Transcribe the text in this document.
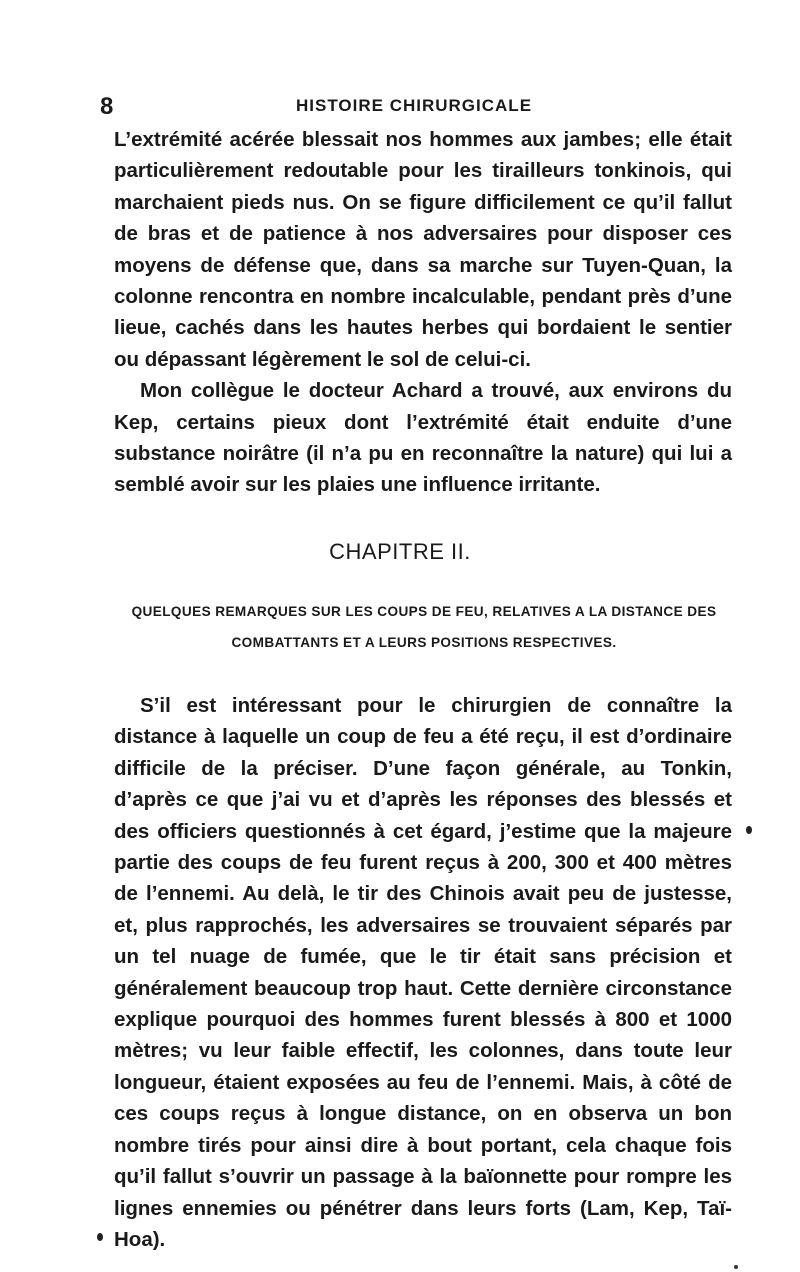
8	HISTOIRE CHIRURGICALE

L’extrémité acérée blessait nos hommes aux jambes; elle était particulièrement redoutable pour les tirailleurs tonkinois, qui marchaient pieds nus. On se figure difficilement ce qu’il fallut de bras et de patience à nos adversaires pour disposer ces moyens de défense que, dans sa marche sur Tuyen-Quan, la colonne rencontra en nombre incalculable, pendant près d’une lieue, cachés dans les hautes herbes qui bordaient le sentier ou dépassant légèrement le sol de celui-ci.

Mon collègue le docteur Achard a trouvé, aux environs du Kep, certains pieux dont l’extrémité était enduite d’une substance noirâtre (il n’a pu en reconnaître la nature) qui lui a semblé avoir sur les plaies une influence irritante.

CHAPITRE II.
QUELQUES REMARQUES SUR LES COUPS DE FEU, RELATIVES A LA DISTANCE DES COMBATTANTS ET A LEURS POSITIONS RESPECTIVES.

S’il est intéressant pour le chirurgien de connaître la distance à laquelle un coup de feu a été reçu, il est d’ordinaire difficile de la préciser. D’une façon générale, au Tonkin, d’après ce que j’ai vu et d’après les réponses des blessés et des officiers questionnés à cet égard, j’estime que la majeure partie des coups de feu furent reçus à 200, 300 et 400 mètres de l’ennemi. Au delà, le tir des Chinois avait peu de justesse, et, plus rapprochés, les adversaires se trouvaient séparés par un tel nuage de fumée, que le tir était sans précision et généralement beaucoup trop haut. Cette dernière circonstance explique pourquoi des hommes furent blessés à 800 et 1000 mètres; vu leur faible effectif, les colonnes, dans toute leur longueur, étaient exposées au feu de l’ennemi. Mais, à côté de ces coups reçus à longue distance, on en observa un bon nombre tirés pour ainsi dire à bout portant, cela chaque fois qu’il fallut s’ouvrir un passage à la baïonnette pour rompre les lignes ennemies ou pénétrer dans leurs forts (Lam, Kep, Taï-Hoa).
